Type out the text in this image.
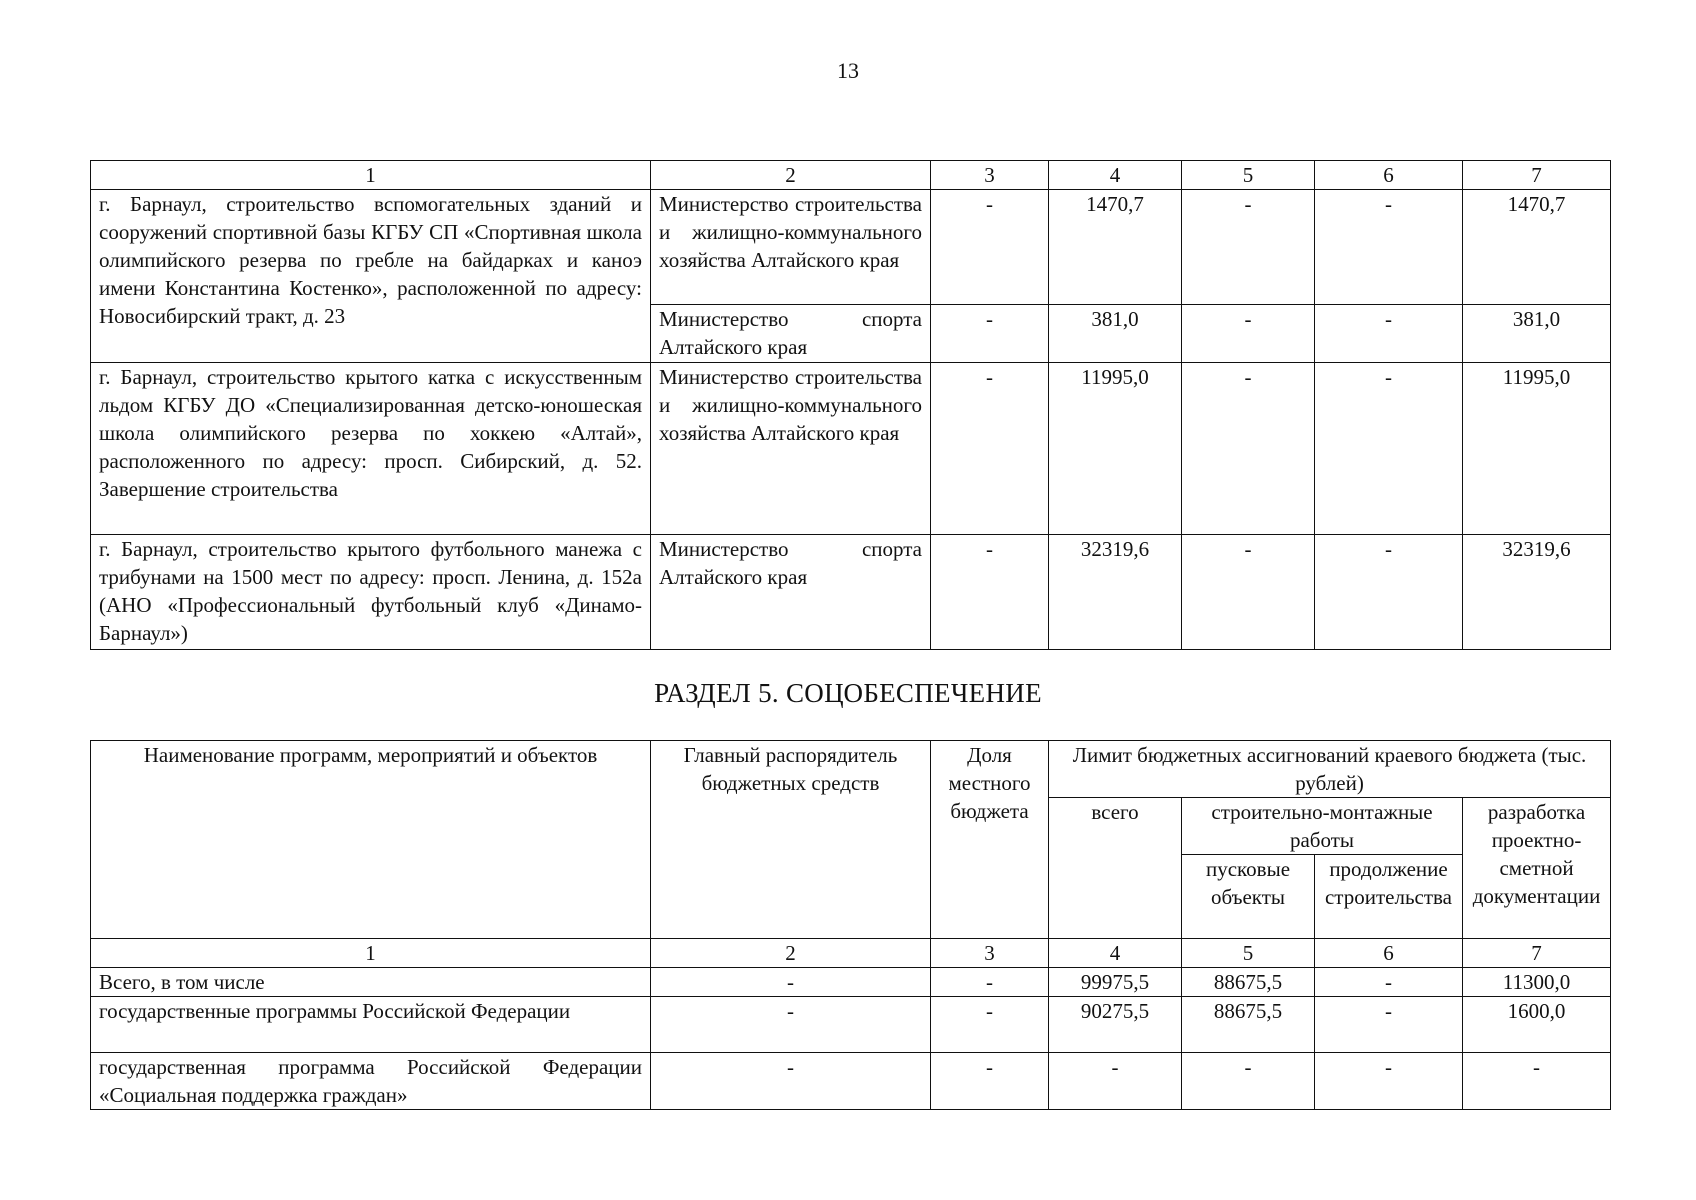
13
1	2	3	4	5	6	7
г. Барнаул, строительство вспомогательных зданий и сооружений спортивной базы КГБУ СП «Спортивная школа олимпийского резерва по гребле на байдарках и каноэ имени Константина Костенко», расположенной по адресу: Новосибирский тракт, д. 23	Министерство строительства и жилищно-коммунального хозяйства Алтайского края	-	1470,7	-	-	1470,7
	Министерство спорта Алтайского края	-	381,0	-	-	381,0
г. Барнаул, строительство крытого катка с искусственным льдом КГБУ ДО «Специализированная детско-юношеская школа олимпийского резерва по хоккею «Алтай», расположенного по адресу: просп. Сибирский, д. 52. Завершение строительства	Министерство строительства и жилищно-коммунального хозяйства Алтайского края	-	11995,0	-	-	11995,0
г. Барнаул, строительство крытого футбольного манежа с трибунами на 1500 мест по адресу: просп. Ленина, д. 152а (АНО «Профессиональный футбольный клуб «Динамо-Барнаул»)	Министерство спорта Алтайского края	-	32319,6	-	-	32319,6
РАЗДЕЛ 5. СОЦОБЕСПЕЧЕНИЕ
Наименование программ, мероприятий и объектов	Главный распорядитель бюджетных средств	Доля местного бюджета	Лимит бюджетных ассигнований краевого бюджета (тыс. рублей)			
			всего	строительно-монтажные работы		разработка проектно-сметной документации
				пусковые объекты	продолжение строительства	
1	2	3	4	5	6	7
Всего, в том числе	-	-	99975,5	88675,5	-	11300,0
государственные программы Российской Федерации	-	-	90275,5	88675,5	-	1600,0
государственная программа Российской Федерации «Социальная поддержка граждан»	-	-	-	-	-	-
